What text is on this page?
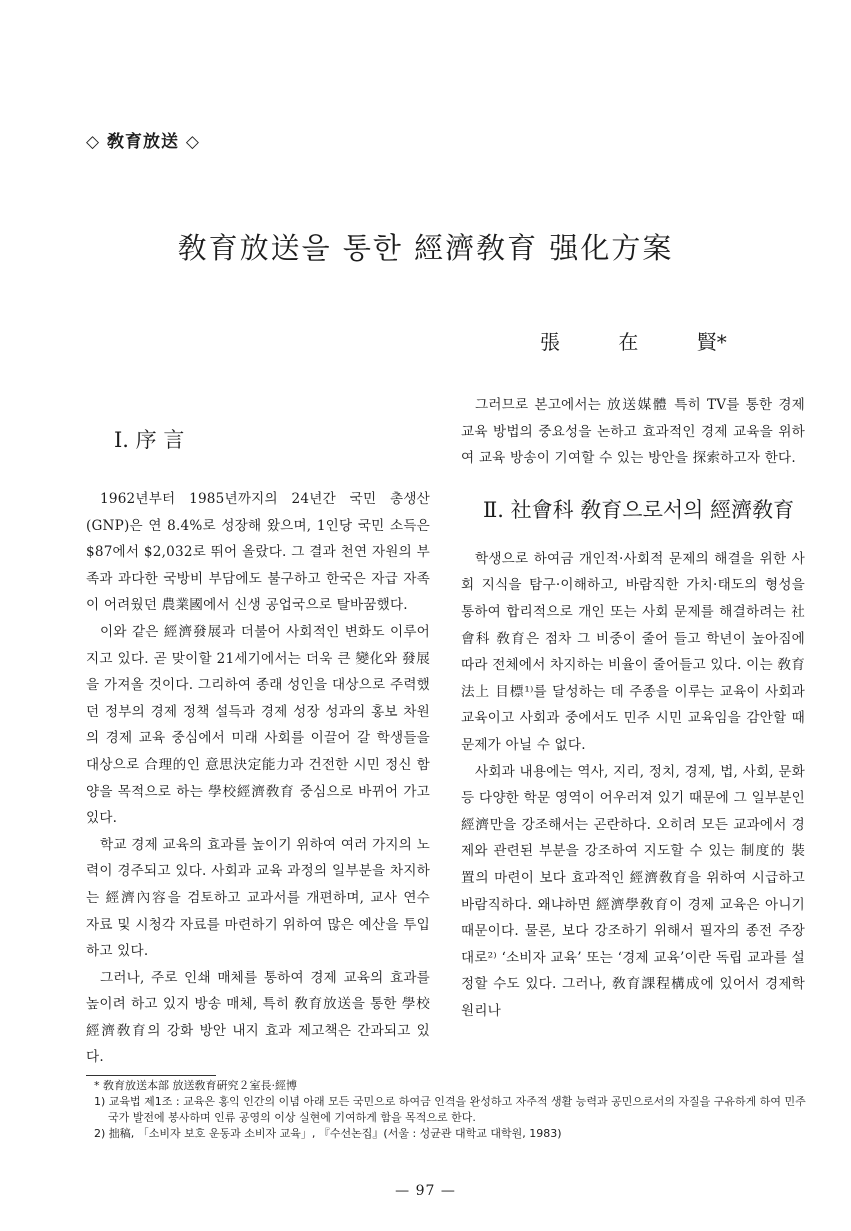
◇ 敎育放送 ◇
敎育放送을 통한 經濟敎育 强化方案
張 在 賢*
Ⅰ. 序 言

1962년부터 1985년까지의 24년간 국민 총생산(GNP)은 연 8.4%로 성장해 왔으며, 1인당 국민 소득은 $87에서 $2,032로 뛰어 올랐다. 그 결과 천연 자원의 부족과 과다한 국방비 부담에도 불구하고 한국은 자급 자족이 어려웠던 農業國에서 신생 공업국으로 탈바꿈했다.

이와 같은 經濟發展과 더불어 사회적인 변화도 이루어지고 있다. 곧 맞이할 21세기에서는 더욱 큰 變化와 發展을 가져올 것이다. 그리하여 종래 성인을 대상으로 주력했던 정부의 경제 정책 설득과 경제 성장 성과의 홍보 차원의 경제 교육 중심에서 미래 사회를 이끌어 갈 학생들을 대상으로 合理的인 意思決定能力과 건전한 시민 정신 함양을 목적으로 하는 學校經濟敎育 중심으로 바뀌어 가고 있다.

학교 경제 교육의 효과를 높이기 위하여 여러 가지의 노력이 경주되고 있다. 사회과 교육 과정의 일부분을 차지하는 經濟內容을 검토하고 교과서를 개편하며, 교사 연수 자료 및 시청각 자료를 마련하기 위하여 많은 예산을 투입하고 있다.

그러나, 주로 인쇄 매체를 통하여 경제 교육의 효과를 높이려 하고 있지 방송 매체, 특히 敎育放送을 통한 學校經濟敎育의 강화 방안 내지 효과 제고책은 간과되고 있다.

그러므로 본고에서는 放送媒體 특히 TV를 통한 경제 교육 방법의 중요성을 논하고 효과적인 경제 교육을 위하여 교육 방송이 기여할 수 있는 방안을 探索하고자 한다.

Ⅱ. 社會科 敎育으로서의 經濟敎育

학생으로 하여금 개인적·사회적 문제의 해결을 위한 사회 지식을 탐구·이해하고, 바람직한 가치·태도의 형성을 통하여 합리적으로 개인 또는 사회 문제를 해결하려는 社會科 敎育은 점차 그 비중이 줄어 들고 학년이 높아짐에 따라 전체에서 차지하는 비율이 줄어들고 있다. 이는 敎育法上 目標¹⁾를 달성하는 데 주종을 이루는 교육이 사회과 교육이고 사회과 중에서도 민주 시민 교육임을 감안할 때 문제가 아닐 수 없다.

사회과 내용에는 역사, 지리, 정치, 경제, 법, 사회, 문화 등 다양한 학문 영역이 어우러져 있기 때문에 그 일부분인 經濟만을 강조해서는 곤란하다. 오히려 모든 교과에서 경제와 관련된 부분을 강조하여 지도할 수 있는 制度的 裝置의 마련이 보다 효과적인 經濟敎育을 위하여 시급하고 바람직하다. 왜냐하면 經濟學敎育이 경제 교육은 아니기 때문이다. 물론, 보다 강조하기 위해서 필자의 종전 주장대로²⁾ ‘소비자 교육’ 또는 ‘경제 교육’이란 독립 교과를 설정할 수도 있다. 그러나, 敎育課程構成에 있어서 경제학 원리나

* 敎育放送本部 放送敎育硏究２室長·經博

1) 교육법 제1조 : 교육은 홍익 인간의 이념 아래 모든 국민으로 하여금 인격을 완성하고 자주적 생활 능력과 공민으로서의 자질을 구유하게 하여 민주 국가 발전에 봉사하며 인류 공영의 이상 실현에 기여하게 함을 목적으로 한다.

2) 拙稿, 「소비자 보호 운동과 소비자 교육」, 『수선논집』(서울 : 성균관 대학교 대학원, 1983)

— 97 —
